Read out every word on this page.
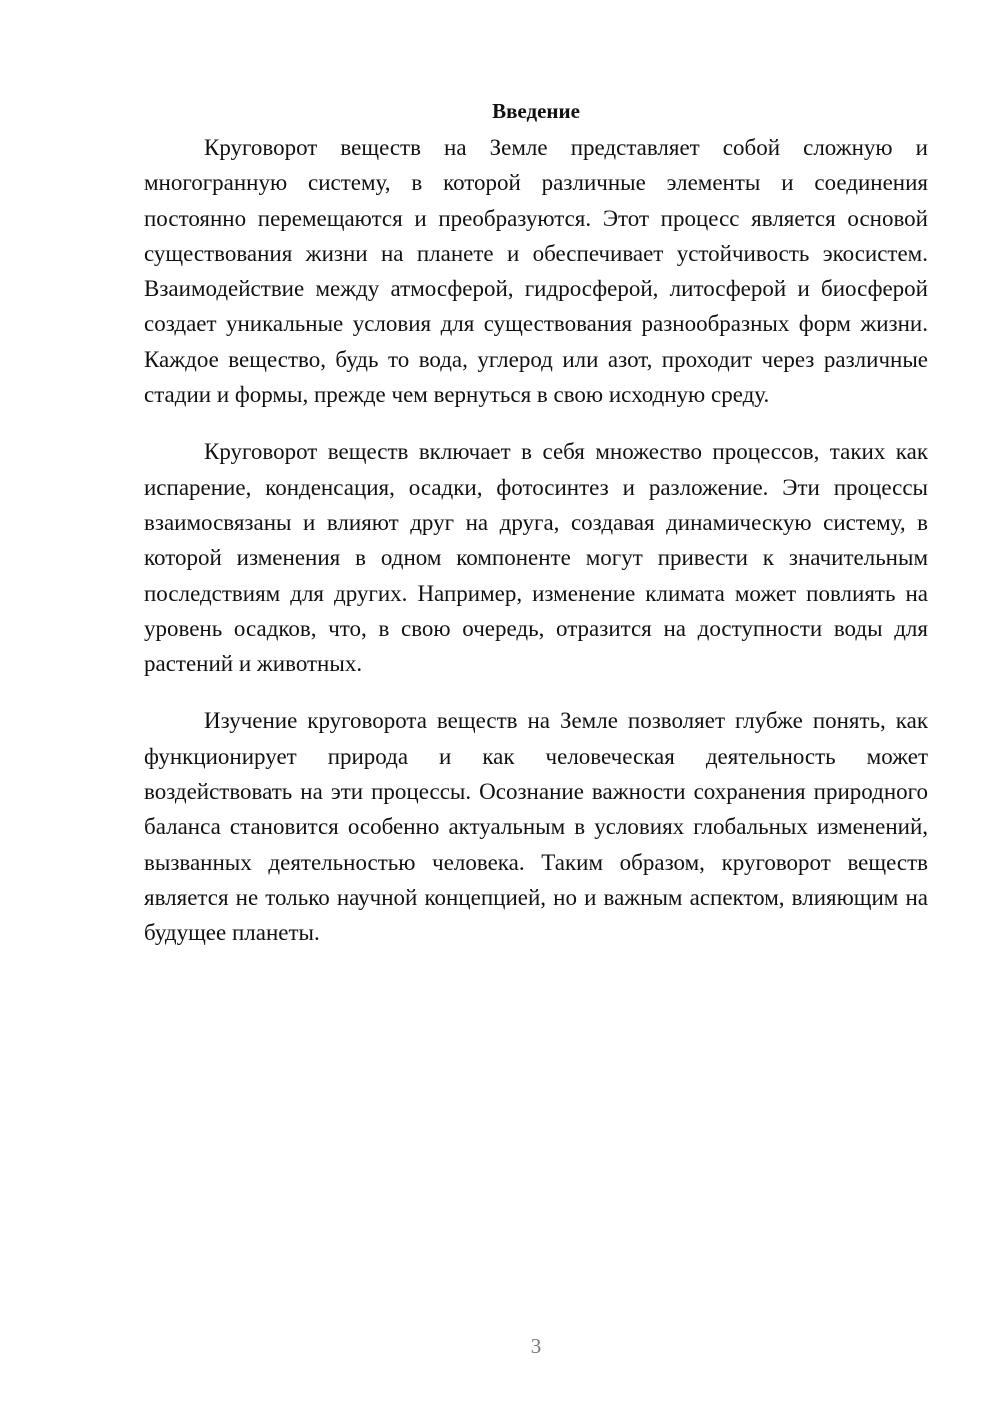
Введение

Круговорот веществ на Земле представляет собой сложную и многогранную систему, в которой различные элементы и соединения постоянно перемещаются и преобразуются. Этот процесс является основой существования жизни на планете и обеспечивает устойчивость экосистем. Взаимодействие между атмосферой, гидросферой, литосферой и биосферой создает уникальные условия для существования разнообразных форм жизни. Каждое вещество, будь то вода, углерод или азот, проходит через различные стадии и формы, прежде чем вернуться в свою исходную среду.

Круговорот веществ включает в себя множество процессов, таких как испарение, конденсация, осадки, фотосинтез и разложение. Эти процессы взаимосвязаны и влияют друг на друга, создавая динамическую систему, в которой изменения в одном компоненте могут привести к значительным последствиям для других. Например, изменение климата может повлиять на уровень осадков, что, в свою очередь, отразится на доступности воды для растений и животных.

Изучение круговорота веществ на Земле позволяет глубже понять, как функционирует природа и как человеческая деятельность может воздействовать на эти процессы. Осознание важности сохранения природного баланса становится особенно актуальным в условиях глобальных изменений, вызванных деятельностью человека. Таким образом, круговорот веществ является не только научной концепцией, но и важным аспектом, влияющим на будущее планеты.

3
